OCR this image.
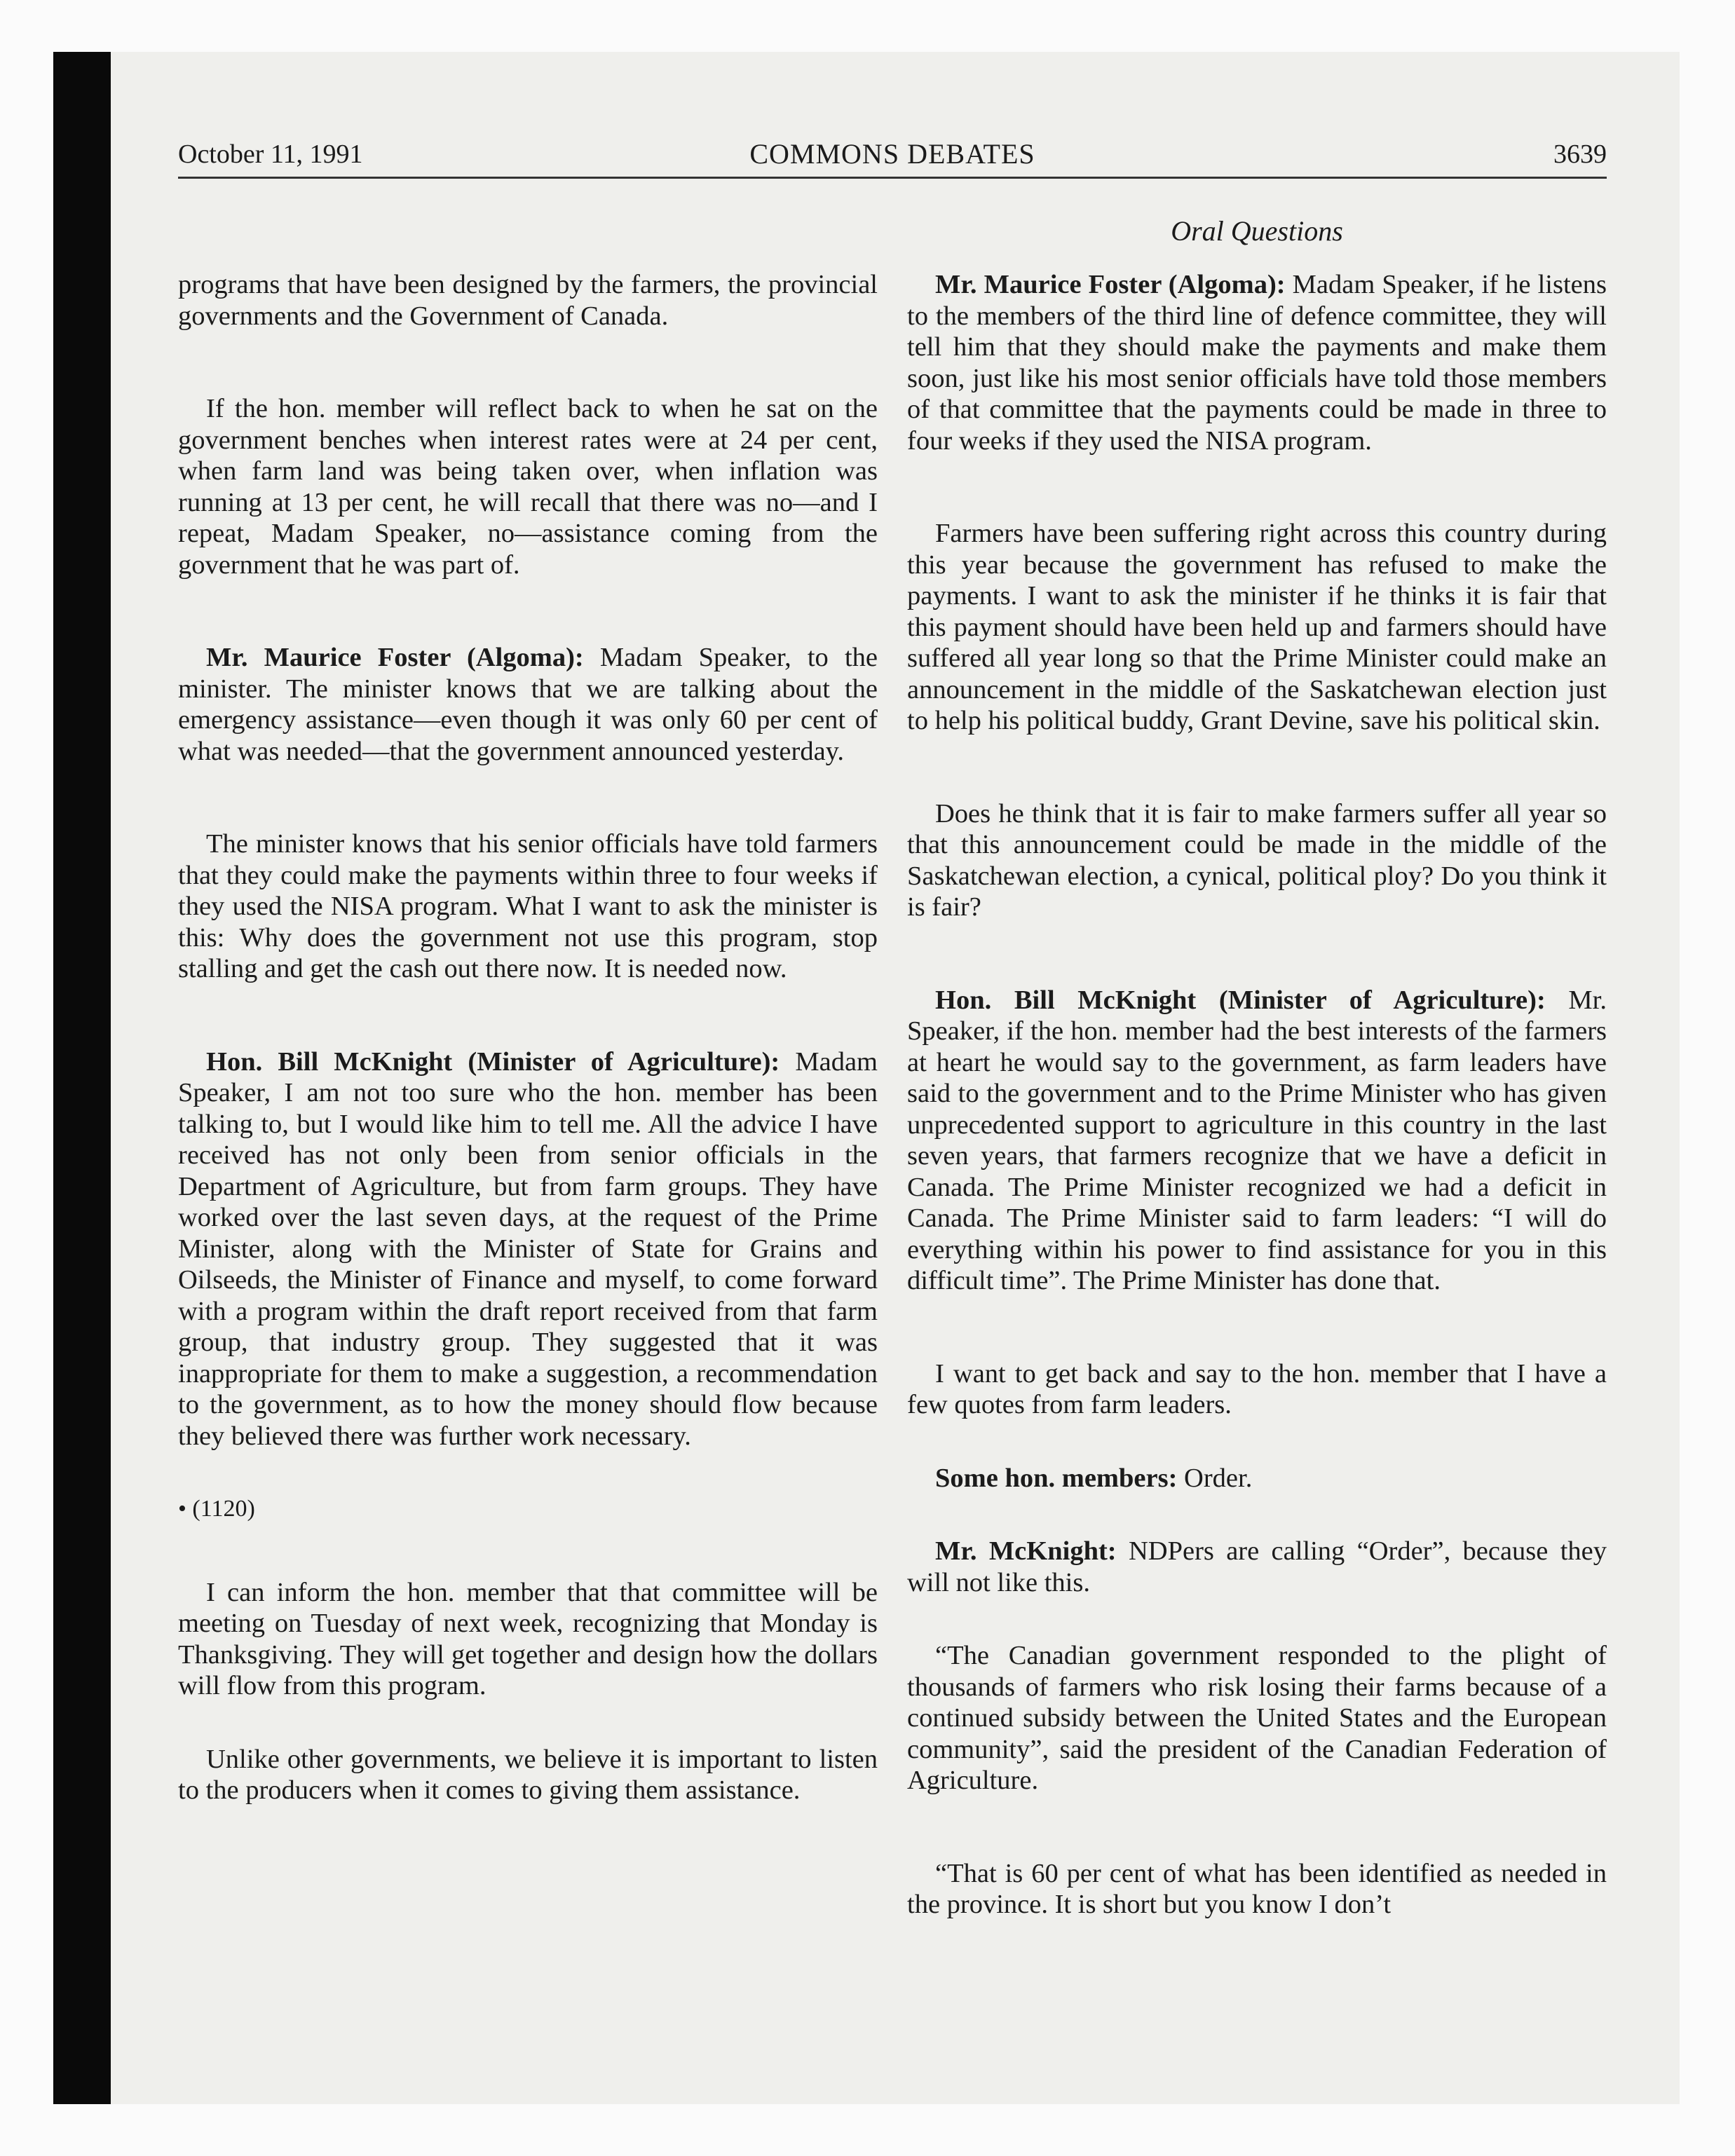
October 11, 1991	COMMONS DEBATES	3639
Oral Questions

programs that have been designed by the farmers, the provincial governments and the Government of Canada.

If the hon. member will reflect back to when he sat on the government benches when interest rates were at 24 per cent, when farm land was being taken over, when inflation was running at 13 per cent, he will recall that there was no—and I repeat, Madam Speaker, no—assistance coming from the government that he was part of.

Mr. Maurice Foster (Algoma): Madam Speaker, to the minister. The minister knows that we are talking about the emergency assistance—even though it was only 60 per cent of what was needed—that the government announced yesterday.

The minister knows that his senior officials have told farmers that they could make the payments within three to four weeks if they used the NISA program. What I want to ask the minister is this: Why does the government not use this program, stop stalling and get the cash out there now. It is needed now.

Hon. Bill McKnight (Minister of Agriculture): Madam Speaker, I am not too sure who the hon. member has been talking to, but I would like him to tell me. All the advice I have received has not only been from senior officials in the Department of Agriculture, but from farm groups. They have worked over the last seven days, at the request of the Prime Minister, along with the Minister of State for Grains and Oilseeds, the Minister of Finance and myself, to come forward with a program within the draft report received from that farm group, that industry group. They suggested that it was inappropriate for them to make a suggestion, a recommendation to the government, as to how the money should flow because they believed there was further work necessary.

• (1120)

I can inform the hon. member that that committee will be meeting on Tuesday of next week, recognizing that Monday is Thanksgiving. They will get together and design how the dollars will flow from this program.

Unlike other governments, we believe it is important to listen to the producers when it comes to giving them assistance.

Mr. Maurice Foster (Algoma): Madam Speaker, if he listens to the members of the third line of defence committee, they will tell him that they should make the payments and make them soon, just like his most senior officials have told those members of that committee that the payments could be made in three to four weeks if they used the NISA program.

Farmers have been suffering right across this country during this year because the government has refused to make the payments. I want to ask the minister if he thinks it is fair that this payment should have been held up and farmers should have suffered all year long so that the Prime Minister could make an announcement in the middle of the Saskatchewan election just to help his political buddy, Grant Devine, save his political skin.

Does he think that it is fair to make farmers suffer all year so that this announcement could be made in the middle of the Saskatchewan election, a cynical, political ploy? Do you think it is fair?

Hon. Bill McKnight (Minister of Agriculture): Mr. Speaker, if the hon. member had the best interests of the farmers at heart he would say to the government, as farm leaders have said to the government and to the Prime Minister who has given unprecedented support to agriculture in this country in the last seven years, that farmers recognize that we have a deficit in Canada. The Prime Minister recognized we had a deficit in Canada. The Prime Minister said to farm leaders: “I will do everything within his power to find assistance for you in this difficult time”. The Prime Minister has done that.

I want to get back and say to the hon. member that I have a few quotes from farm leaders.

Some hon. members: Order.

Mr. McKnight: NDPers are calling “Order”, because they will not like this.

“The Canadian government responded to the plight of thousands of farmers who risk losing their farms because of a continued subsidy between the United States and the European community”, said the president of the Canadian Federation of Agriculture.

“That is 60 per cent of what has been identified as needed in the province. It is short but you know I don’t
